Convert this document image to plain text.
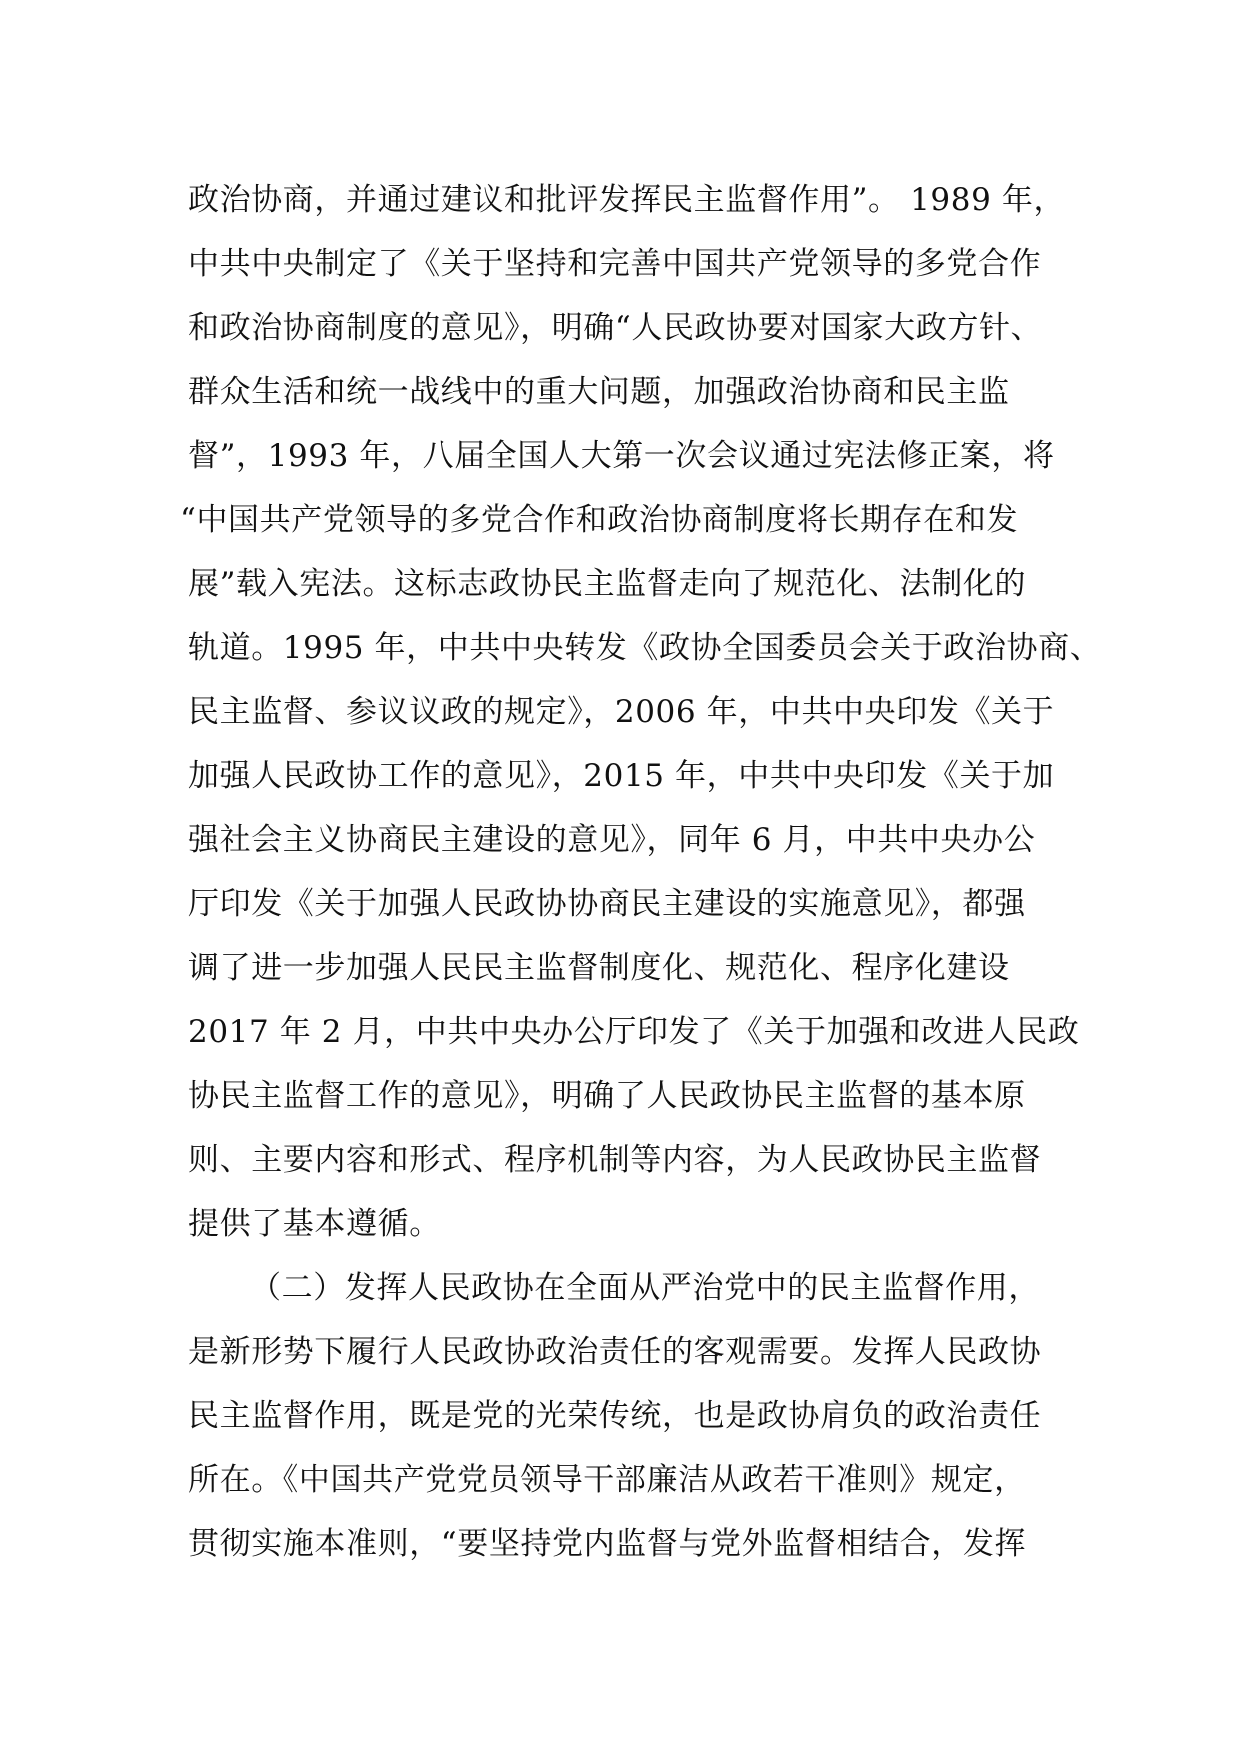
政治协商，并通过建议和批评发挥民主监督作用”。 1989 年，
中共中央制定了《关于坚持和完善中国共产党领导的多党合作
和政治协商制度的意见》，明确“人民政协要对国家大政方针、
群众生活和统一战线中的重大问题，加强政治协商和民主监
督”，1993 年，八届全国人大第一次会议通过宪法修正案，将
“中国共产党领导的多党合作和政治协商制度将长期存在和发
展”载入宪法。这标志政协民主监督走向了规范化、法制化的
轨道。1995 年，中共中央转发《政协全国委员会关于政治协商、
民主监督、参议议政的规定》，2006 年，中共中央印发《关于
加强人民政协工作的意见》，2015 年，中共中央印发《关于加
强社会主义协商民主建设的意见》，同年 6 月，中共中央办公
厅印发《关于加强人民政协协商民主建设的实施意见》，都强
调了进一步加强人民民主监督制度化、规范化、程序化建设
2017 年 2 月，中共中央办公厅印发了《关于加强和改进人民政
协民主监督工作的意见》，明确了人民政协民主监督的基本原
则、主要内容和形式、程序机制等内容，为人民政协民主监督
提供了基本遵循。
（二）发挥人民政协在全面从严治党中的民主监督作用，
是新形势下履行人民政协政治责任的客观需要。发挥人民政协
民主监督作用，既是党的光荣传统，也是政协肩负的政治责任
所在。《中国共产党党员领导干部廉洁从政若干准则》规定，
贯彻实施本准则，“要坚持党内监督与党外监督相结合，发挥
